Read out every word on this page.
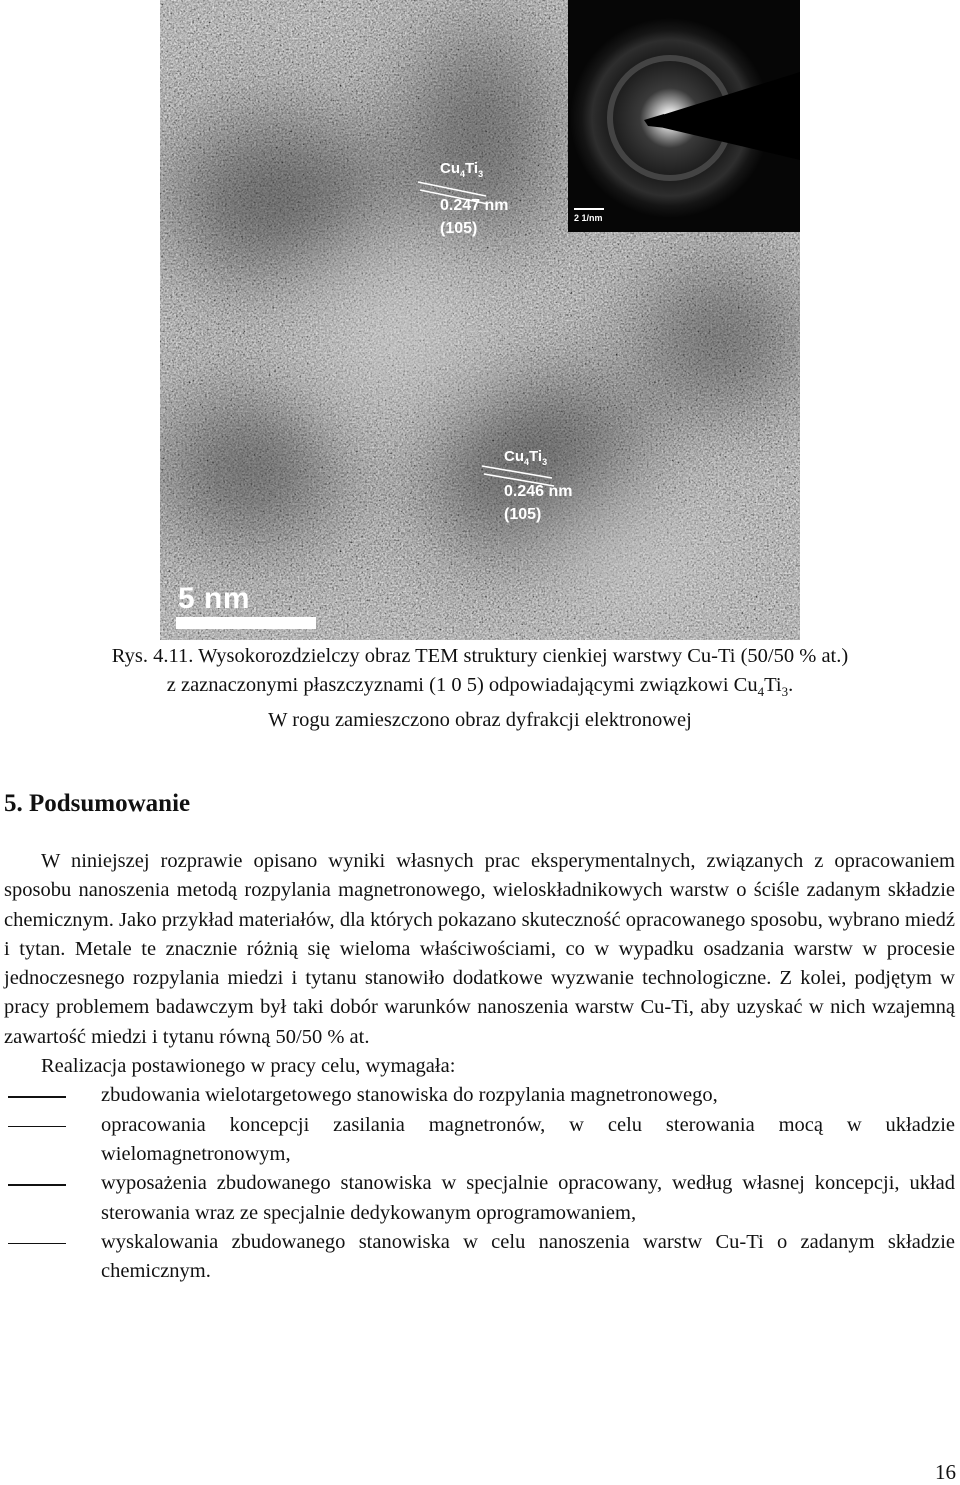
$Cu_4Ti_3$
0.247 nm
(105)
$Cu_4Ti_3$
0.246 nm
(105)
2 1/nm
5 nm
Rys. 4.11. Wysokorozdzielczy obraz TEM struktury cienkiej warstwy Cu-Ti (50/50 % at.)
z zaznaczonymi płaszczyznami (1 0 5) odpowiadającymi związkowi $Cu_4Ti_3$.
W rogu zamieszczono obraz dyfrakcji elektronowej
5. Podsumowanie

W niniejszej rozprawie opisano wyniki własnych prac eksperymentalnych, związanych z opracowaniem sposobu nanoszenia metodą rozpylania magnetronowego, wieloskładnikowych warstw o ściśle zadanym składzie chemicznym. Jako przykład materiałów, dla których pokazano skuteczność opracowanego sposobu, wybrano miedź i tytan. Metale te znacznie różnią się wieloma właściwościami, co w wypadku osadzania warstw w procesie jednoczesnego rozpylania miedzi i tytanu stanowiło dodatkowe wyzwanie technologiczne. Z kolei, podjętym w pracy problemem badawczym był taki dobór warunków nanoszenia warstw Cu-Ti, aby uzyskać w nich wzajemną zawartość miedzi i tytanu równą 50/50 % at.

Realizacja postawionego w pracy celu, wymagała:

zbudowania wielotargetowego stanowiska do rozpylania magnetronowego,
opracowania koncepcji zasilania magnetronów, w celu sterowania mocą w układzie wielomagnetronowym,
wyposażenia zbudowanego stanowiska w specjalnie opracowany, według własnej koncepcji, układ sterowania wraz ze specjalnie dedykowanym oprogramowaniem,
wyskalowania zbudowanego stanowiska w celu nanoszenia warstw Cu-Ti o zadanym składzie chemicznym.
16
